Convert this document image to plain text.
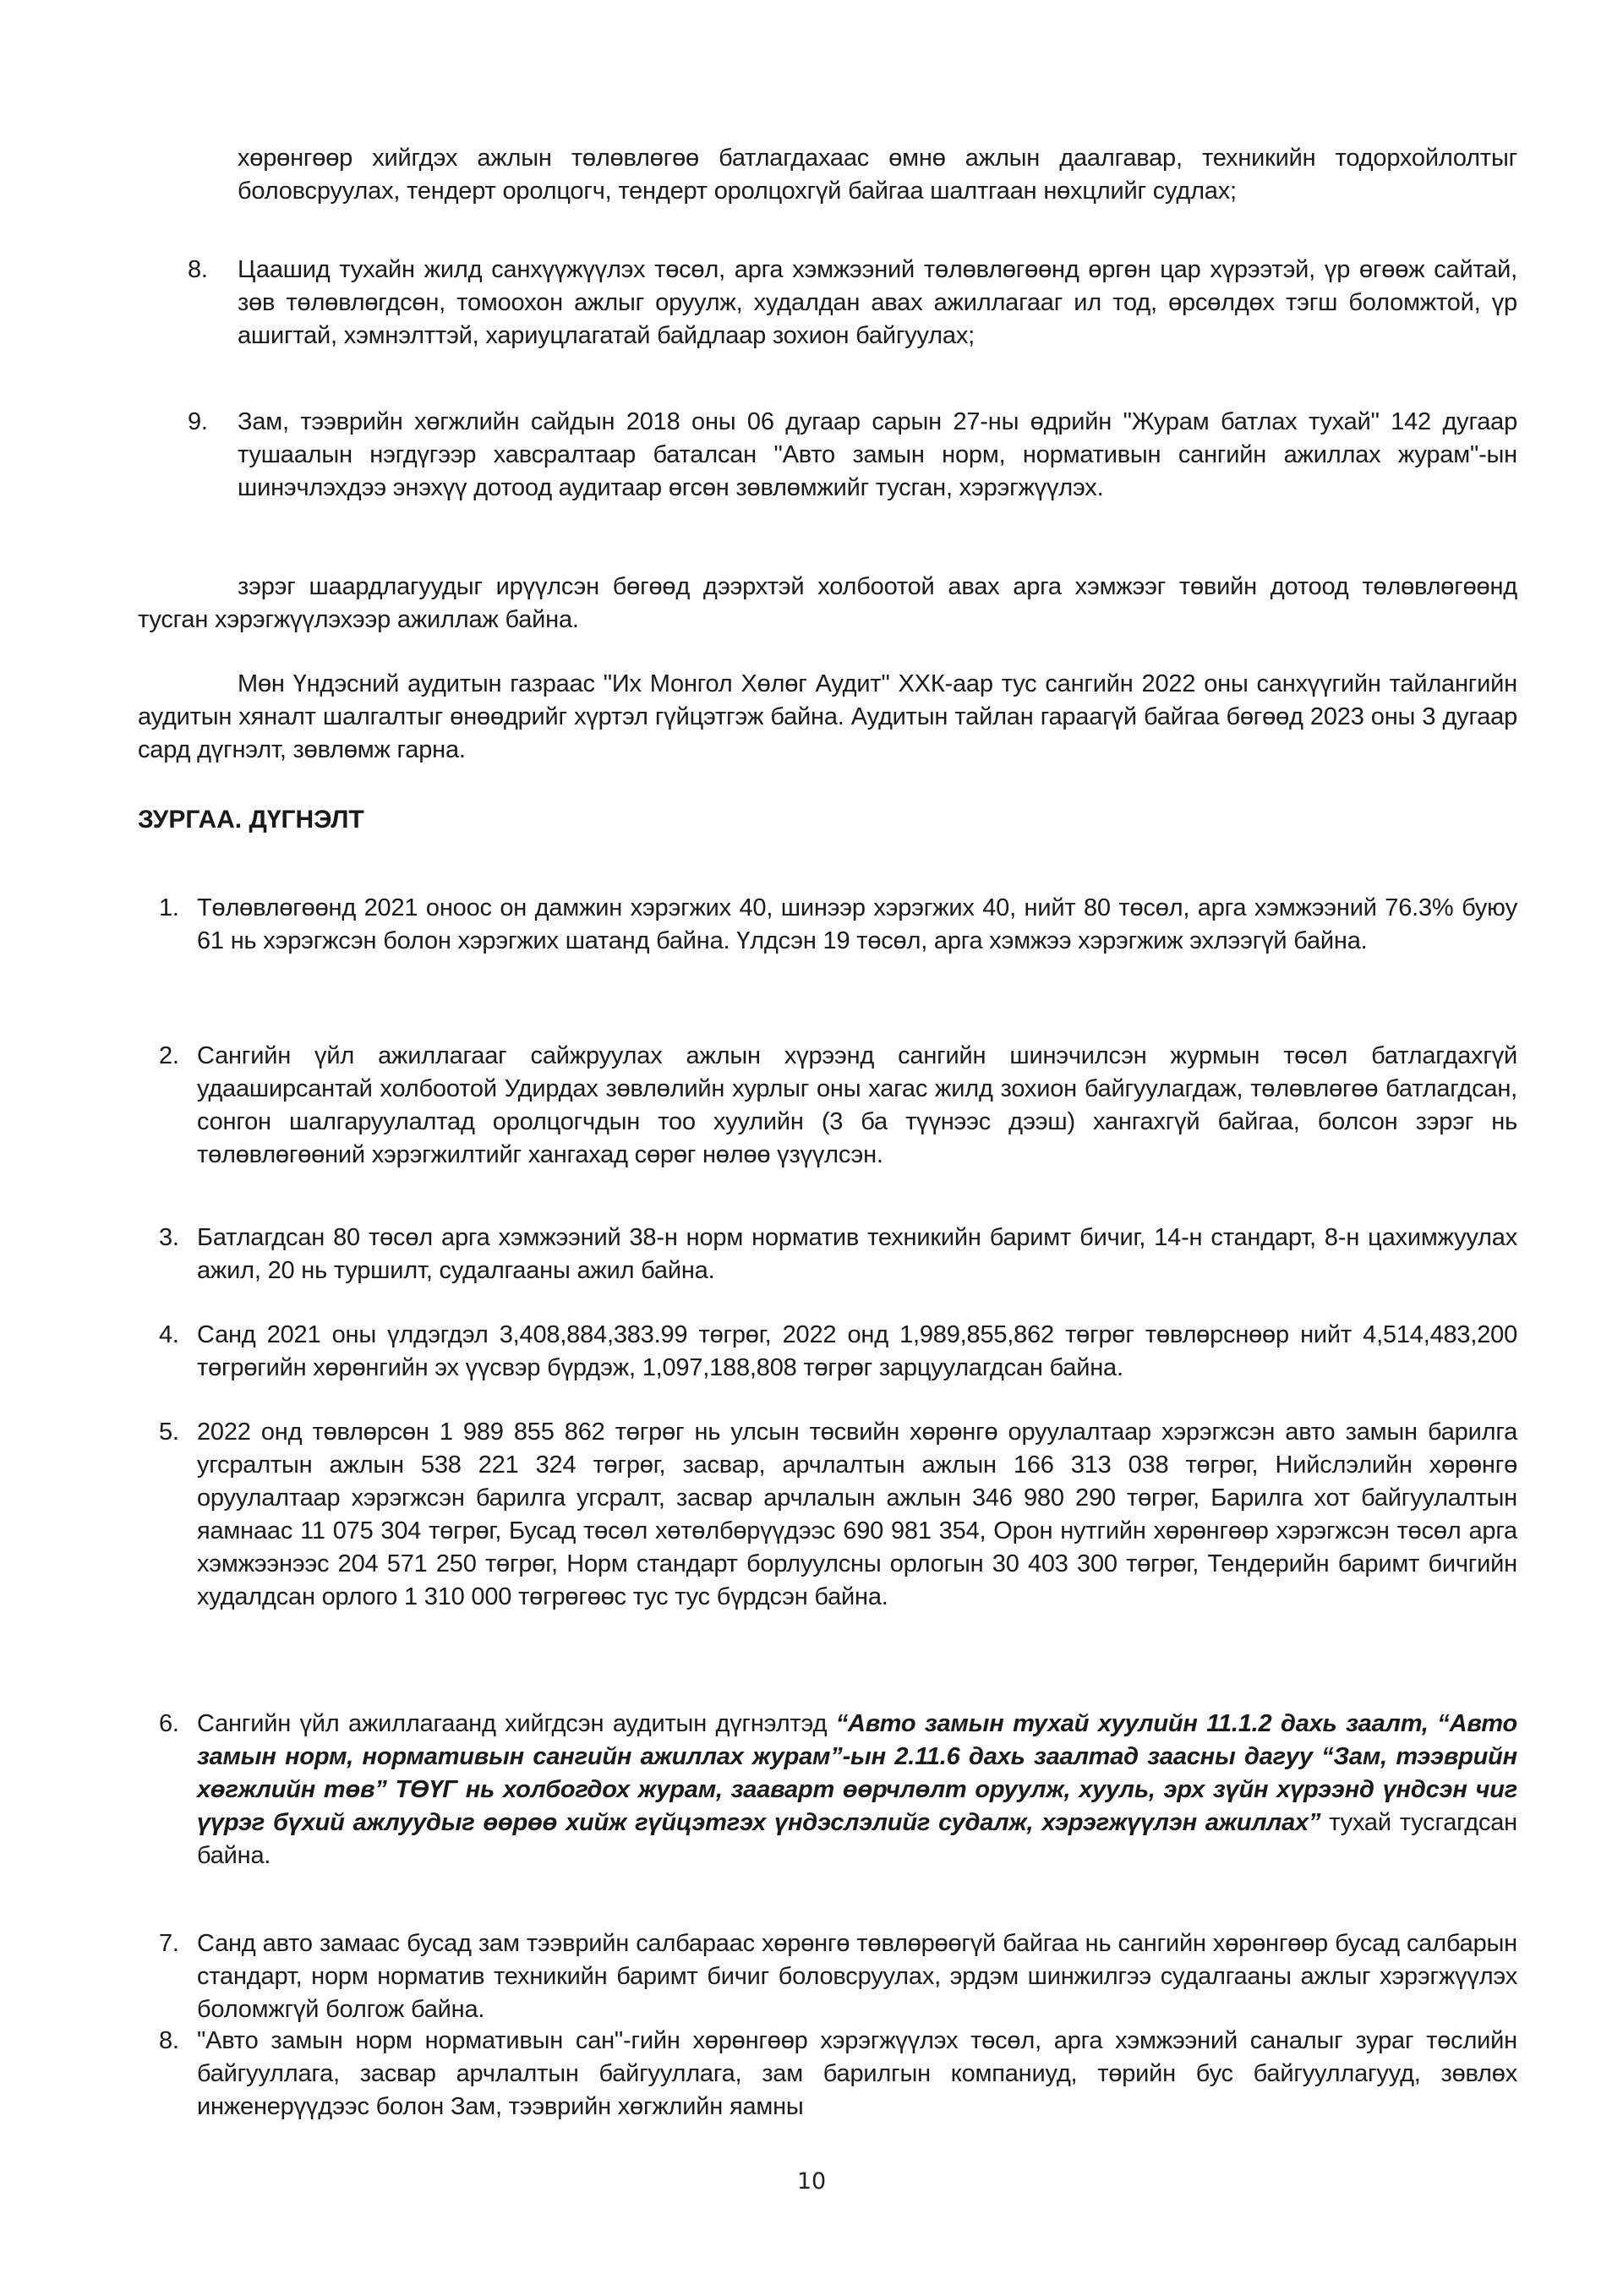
хөрөнгөөр хийгдэх ажлын төлөвлөгөө батлагдахаас өмнө ажлын даалгавар, техникийн тодорхойлолтыг боловсруулах, тендерт оролцогч, тендерт оролцохгүй байгаа шалтгаан нөхцлийг судлах;
8. Цаашид тухайн жилд санхүүжүүлэх төсөл, арга хэмжээний төлөвлөгөөнд өргөн цар хүрээтэй, үр өгөөж сайтай, зөв төлөвлөгдсөн, томоохон ажлыг оруулж, худалдан авах ажиллагааг ил тод, өрсөлдөх тэгш боломжтой, үр ашигтай, хэмнэлттэй, хариуцлагатай байдлаар зохион байгуулах;
9. Зам, тээврийн хөгжлийн сайдын 2018 оны 06 дугаар сарын 27-ны өдрийн "Журам батлах тухай" 142 дугаар тушаалын нэгдүгээр хавсралтаар баталсан "Авто замын норм, нормативын сангийн ажиллах журам"-ын шинэчлэхдээ энэхүү дотоод аудитаар өгсөн зөвлөмжийг тусган, хэрэгжүүлэх.
зэрэг шаардлагуудыг ирүүлсэн бөгөөд дээрхтэй холбоотой авах арга хэмжээг төвийн дотоод төлөвлөгөөнд тусган хэрэгжүүлэхээр ажиллаж байна.
Мөн Үндэсний аудитын газраас "Их Монгол Хөлөг Аудит" ХХК-аар тус сангийн 2022 оны санхүүгийн тайлангийн аудитын хяналт шалгалтыг өнөөдрийг хүртэл гүйцэтгэж байна. Аудитын тайлан гараагүй байгаа бөгөөд 2023 оны 3 дугаар сард дүгнэлт, зөвлөмж гарна.
ЗУРГАА. ДҮГНЭЛТ
1. Төлөвлөгөөнд 2021 оноос он дамжин хэрэгжих 40, шинээр хэрэгжих 40, нийт 80 төсөл, арга хэмжээний 76.3% буюу 61 нь хэрэгжсэн болон хэрэгжих шатанд байна. Үлдсэн 19 төсөл, арга хэмжээ хэрэгжиж эхлээгүй байна.
2. Сангийн үйл ажиллагааг сайжруулах ажлын хүрээнд сангийн шинэчилсэн журмын төсөл батлагдахгүй удааширсантай холбоотой Удирдах зөвлөлийн хурлыг оны хагас жилд зохион байгуулагдаж, төлөвлөгөө батлагдсан, сонгон шалгаруулалтад оролцогчдын тоо хуулийн (3 ба түүнээс дээш) хангахгүй байгаа, болсон зэрэг нь төлөвлөгөөний хэрэгжилтийг хангахад сөрөг нөлөө үзүүлсэн.
3. Батлагдсан 80 төсөл арга хэмжээний 38-н норм норматив техникийн баримт бичиг, 14-н стандарт, 8-н цахимжуулах ажил, 20 нь туршилт, судалгааны ажил байна.
4. Санд 2021 оны үлдэгдэл 3,408,884,383.99 төгрөг, 2022 онд 1,989,855,862 төгрөг төвлөрснөөр нийт 4,514,483,200 төгрөгийн хөрөнгийн эх үүсвэр бүрдэж, 1,097,188,808 төгрөг зарцуулагдсан байна.
5. 2022 онд төвлөрсөн 1 989 855 862 төгрөг нь улсын төсвийн хөрөнгө оруулалтаар хэрэгжсэн авто замын барилга угсралтын ажлын 538 221 324 төгрөг, засвар, арчлалтын ажлын 166 313 038 төгрөг, Нийслэлийн хөрөнгө оруулалтаар хэрэгжсэн барилга угсралт, засвар арчлалын ажлын 346 980 290 төгрөг, Барилга хот байгуулалтын яамнаас 11 075 304 төгрөг, Бусад төсөл хөтөлбөрүүдээс 690 981 354, Орон нутгийн хөрөнгөөр хэрэгжсэн төсөл арга хэмжээнээс 204 571 250 төгрөг, Норм стандарт борлуулсны орлогын 30 403 300 төгрөг, Тендерийн баримт бичгийн худалдсан орлого 1 310 000 төгрөгөөс тус тус бүрдсэн байна.
6. Сангийн үйл ажиллагаанд хийгдсэн аудитын дүгнэлтэд “Авто замын тухай хуулийн 11.1.2 дахь заалт, “Авто замын норм, нормативын сангийн ажиллах журам”-ын 2.11.6 дахь заалтад заасны дагуу “Зам, тээврийн хөгжлийн төв” ТӨҮГ нь холбогдох журам, зааварт өөрчлөлт оруулж, хууль, эрх зүйн хүрээнд үндсэн чиг үүрэг бүхий ажлуудыг өөрөө хийж гүйцэтгэх үндэслэлийг судалж, хэрэгжүүлэн ажиллах” тухай тусгагдсан байна.
7. Санд авто замаас бусад зам тээврийн салбараас хөрөнгө төвлөрөөгүй байгаа нь сангийн хөрөнгөөр бусад салбарын стандарт, норм норматив техникийн баримт бичиг боловсруулах, эрдэм шинжилгээ судалгааны ажлыг хэрэгжүүлэх боломжгүй болгож байна.
8. "Авто замын норм нормативын сан"-гийн хөрөнгөөр хэрэгжүүлэх төсөл, арга хэмжээний саналыг зураг төслийн байгууллага, засвар арчлалтын байгууллага, зам барилгын компаниуд, төрийн бус байгууллагууд, зөвлөх инженерүүдээс болон Зам, тээврийн хөгжлийн яамны
10
